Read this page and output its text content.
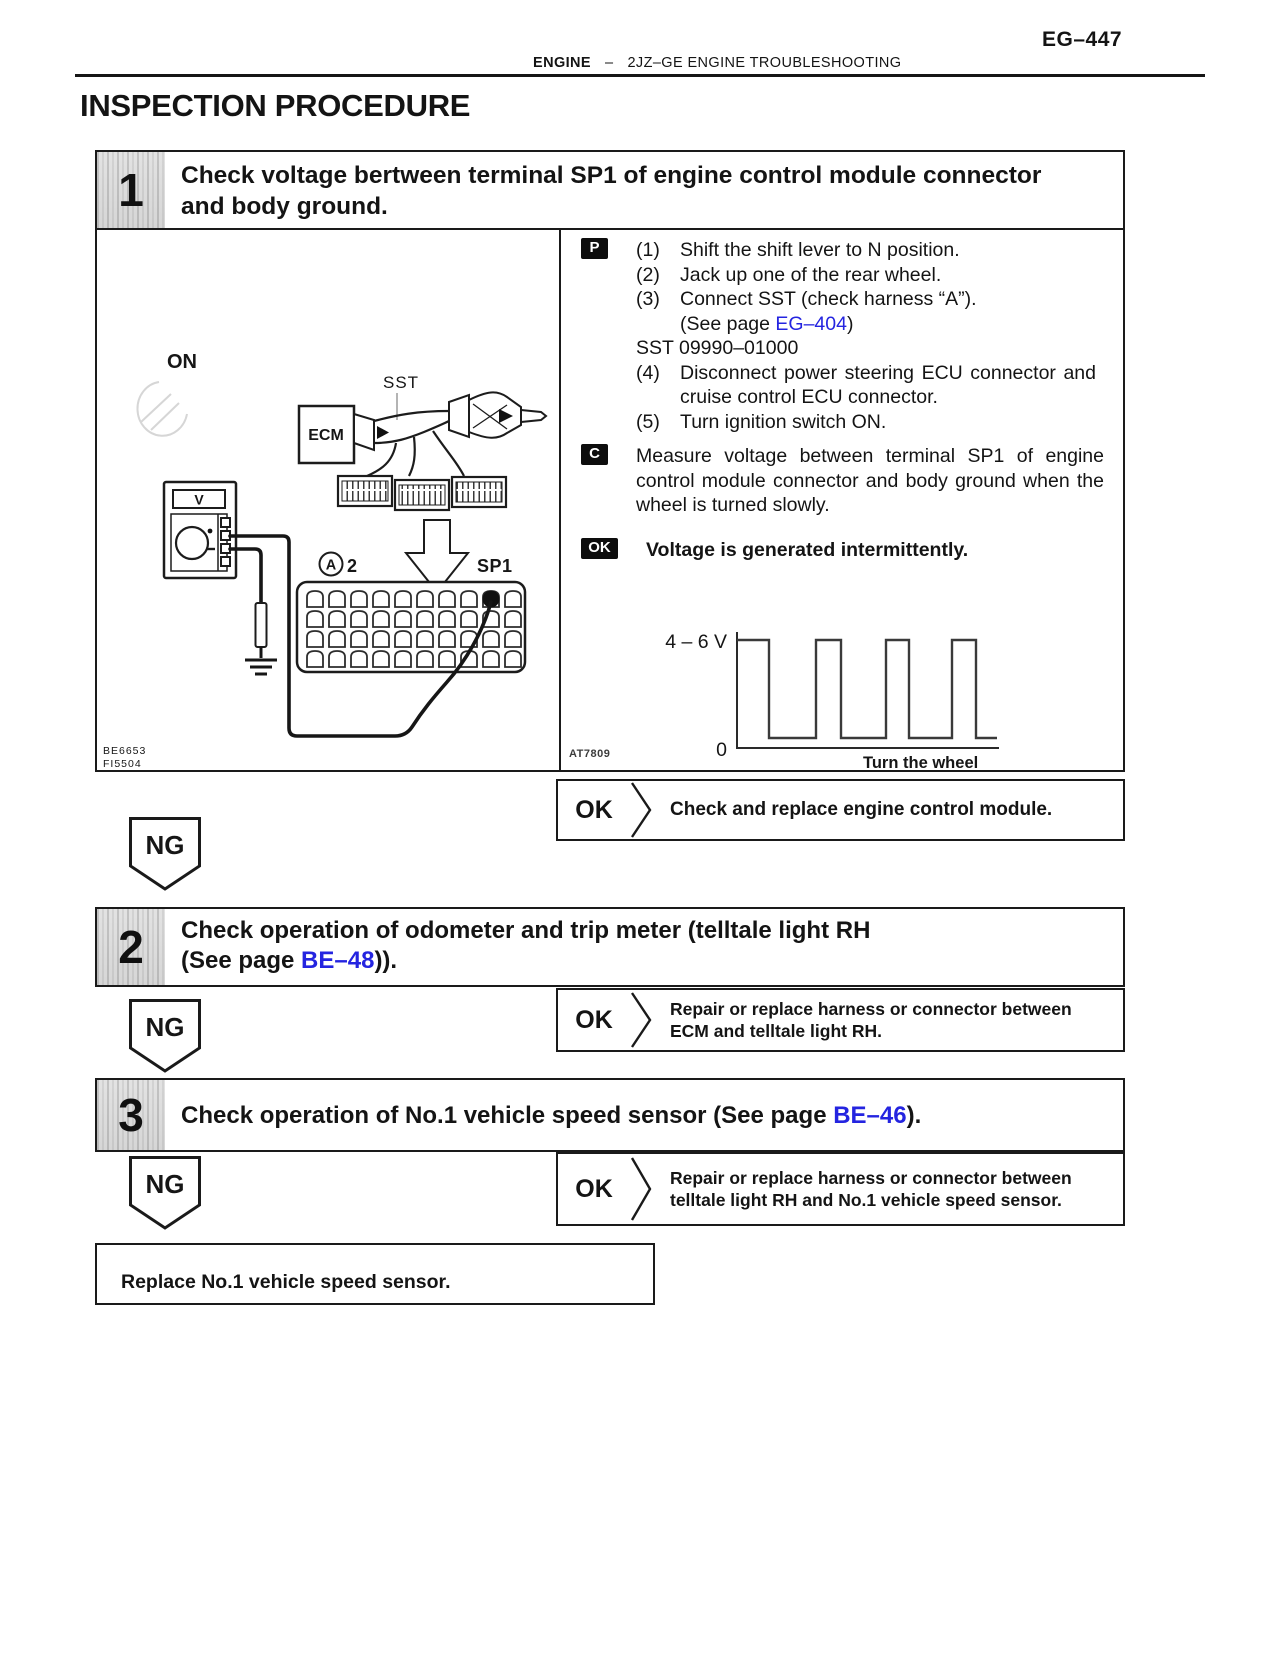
EG–447
ENGINE – 2JZ–GE ENGINE TROUBLESHOOTING
INSPECTION PROCEDURE
1 Check voltage bertween terminal SP1 of engine control module connector
and body ground.
ON
SST
ECM
A 2	SP1
V
BE6653
FI5504
P	(1)	Shift the shift lever to N position.
(2)	Jack up one of the rear wheel.
(3)	Connect SST (check harness “A”).
(See page EG–404)
SST 09990–01000
(4)	Disconnect power steering ECU connector and cruise control ECU connector.
(5)	Turn ignition switch ON.
C	Measure voltage between terminal SP1 of engine control module connector and body ground when the wheel is turned slowly.
OK	Voltage is generated intermittently.
4 – 6 V
0
Turn the wheel
AT7809
NG
OK	Check and replace engine control module.
2 Check operation of odometer and trip meter (telltale light RH
(See page BE–48)).
NG	OK	Repair or replace harness or connector between
ECM and telltale light RH.
3	Check operation of No.1 vehicle speed sensor (See page BE–46).
NG	OK	Repair or replace harness or connector between
telltale light RH and No.1 vehicle speed sensor.
Replace No.1 vehicle speed sensor.
